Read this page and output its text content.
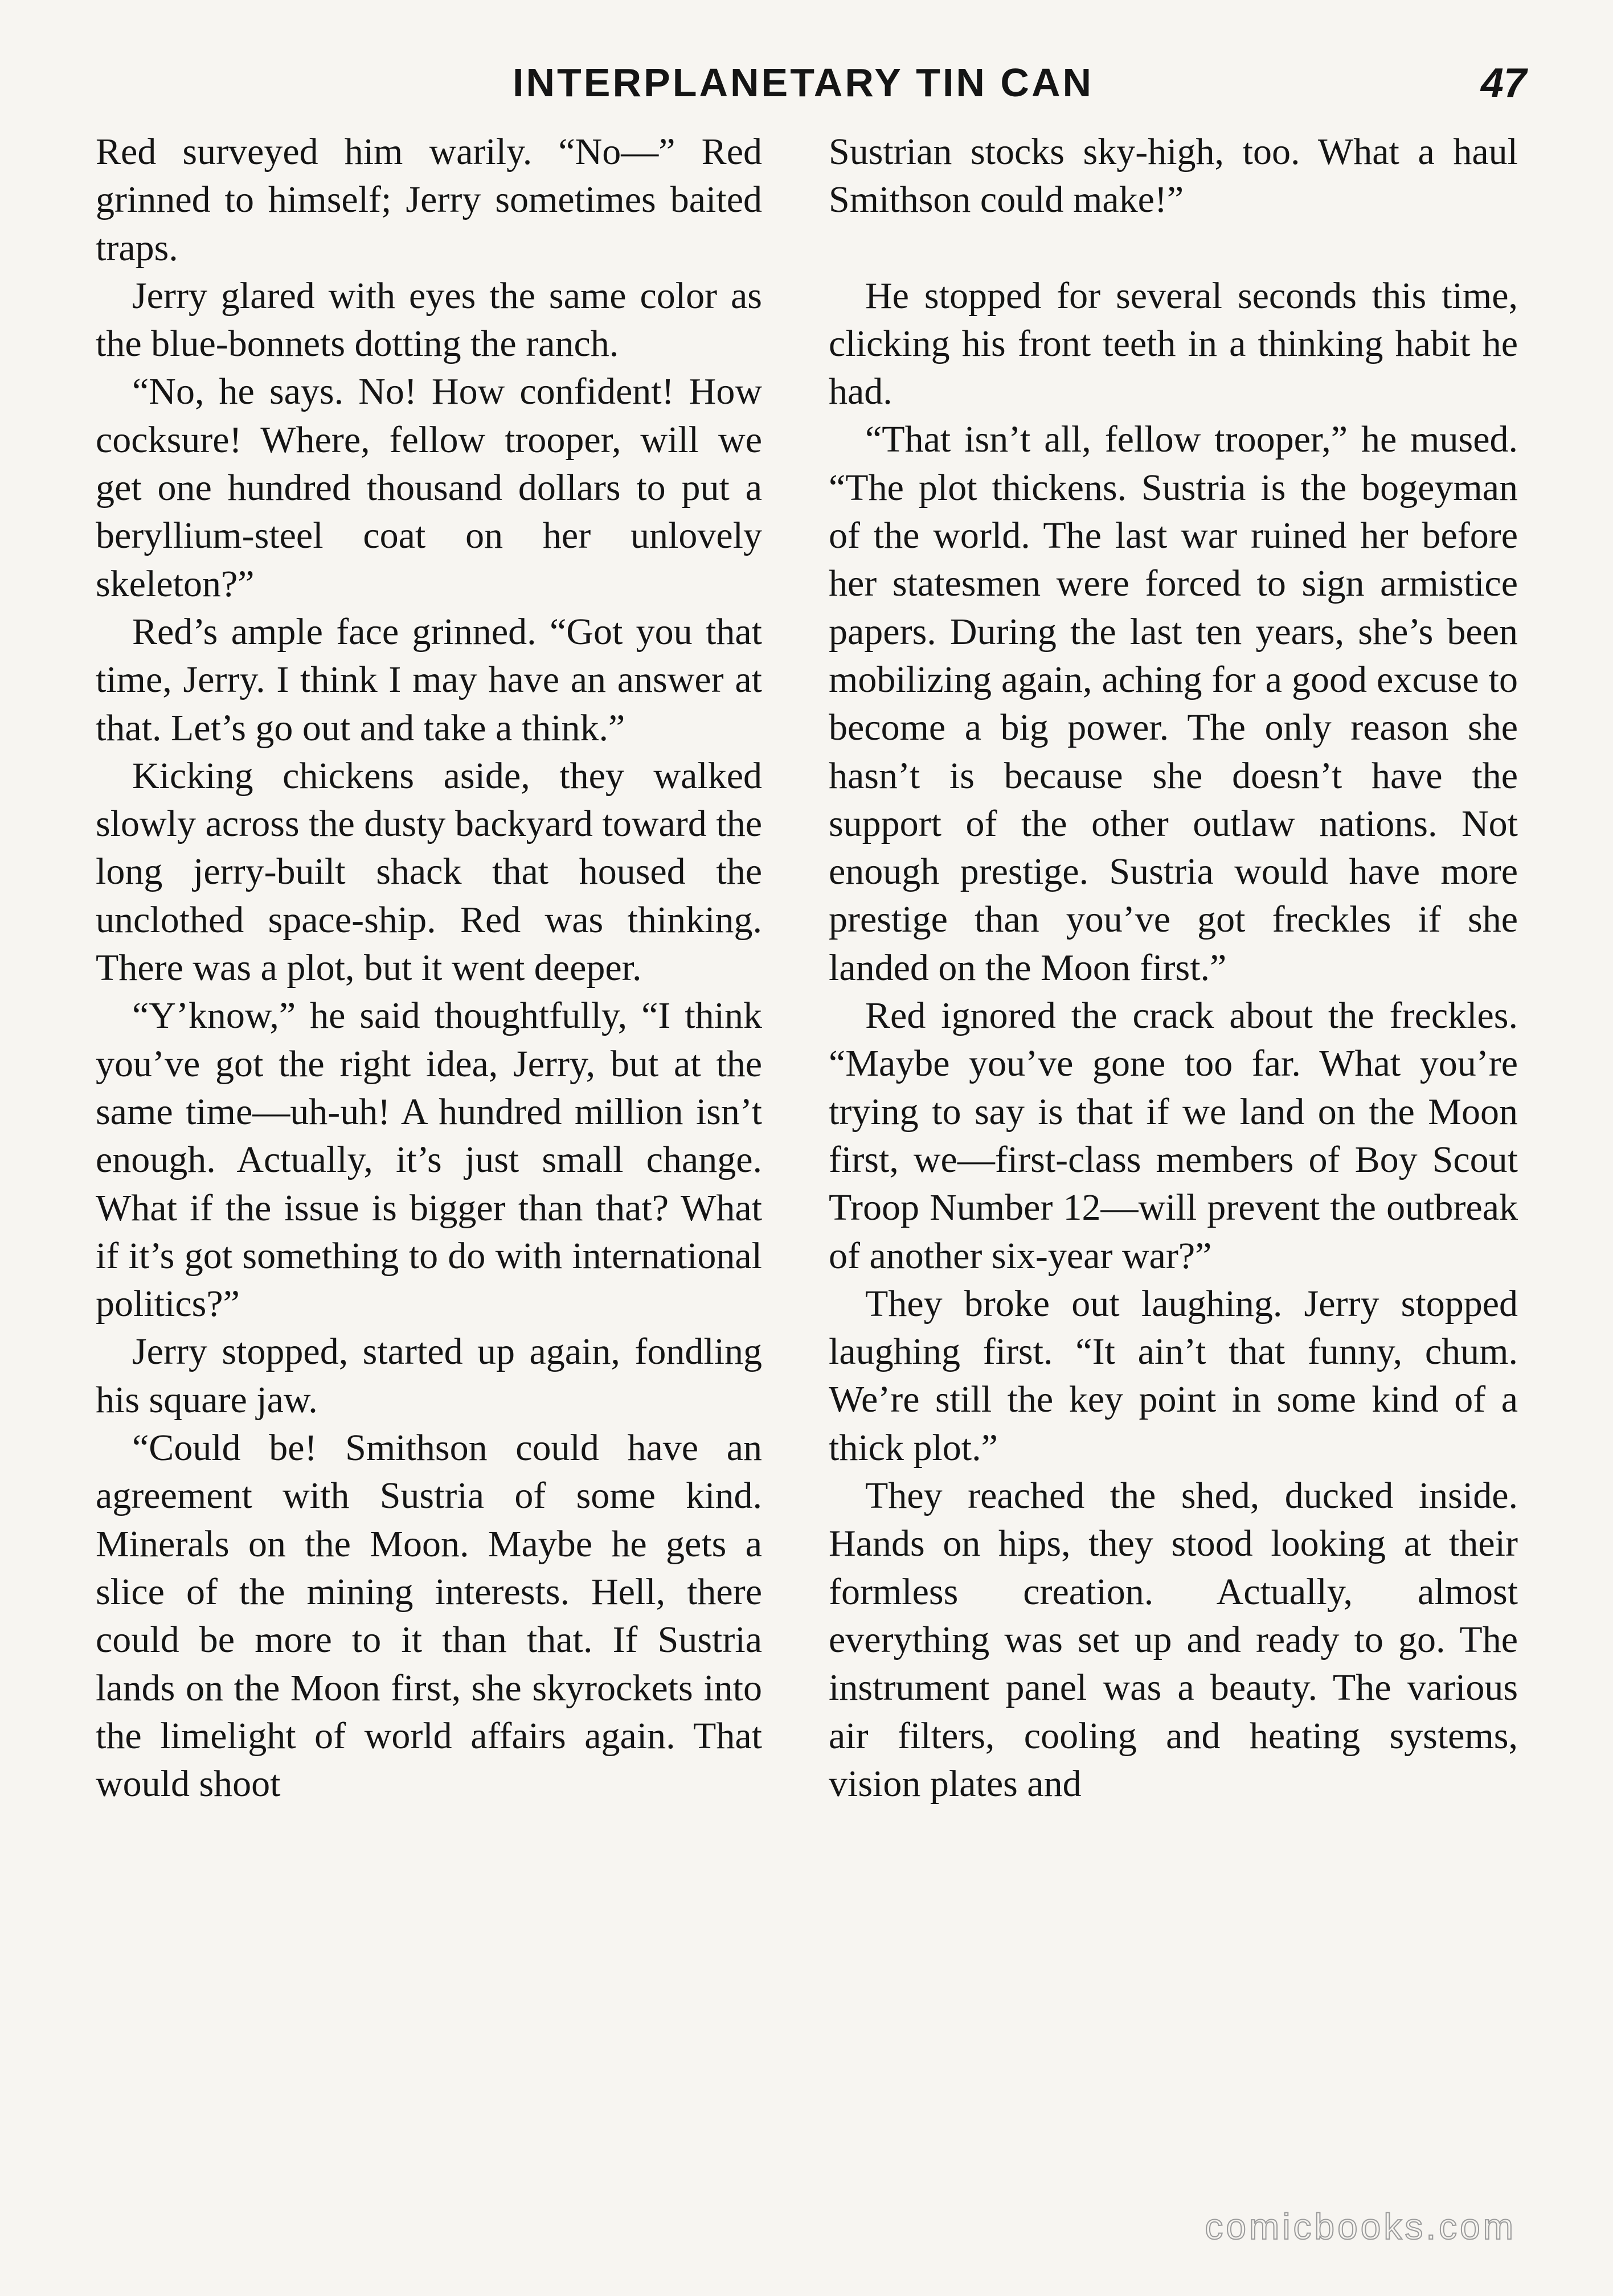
INTERPLANETARY TIN CAN	47

Red surveyed him warily. “No—” Red grinned to himself; Jerry sometimes baited traps.

Jerry glared with eyes the same color as the blue-bonnets dotting the ranch.

“No, he says. No! How confident! How cocksure! Where, fellow trooper, will we get one hundred thousand dollars to put a beryllium-steel coat on her unlovely skeleton?”

Red’s ample face grinned. “Got you that time, Jerry. I think I may have an answer at that. Let’s go out and take a think.”

Kicking chickens aside, they walked slowly across the dusty backyard toward the long jerry-built shack that housed the unclothed space-ship. Red was thinking. There was a plot, but it went deeper.

“Y’know,” he said thoughtfully, “I think you’ve got the right idea, Jerry, but at the same time—uh-uh! A hundred million isn’t enough. Actually, it’s just small change. What if the issue is bigger than that? What if it’s got something to do with international politics?”

Jerry stopped, started up again, fondling his square jaw.

“Could be! Smithson could have an agreement with Sustria of some kind. Minerals on the Moon. Maybe he gets a slice of the mining interests. Hell, there could be more to it than that. If Sustria lands on the Moon first, she skyrockets into the limelight of world affairs again. That would shoot

Sustrian stocks sky-high, too. What a haul Smithson could make!”

He stopped for several seconds this time, clicking his front teeth in a thinking habit he had.

“That isn’t all, fellow trooper,” he mused. “The plot thickens. Sustria is the bogeyman of the world. The last war ruined her before her statesmen were forced to sign armistice papers. During the last ten years, she’s been mobilizing again, aching for a good excuse to become a big power. The only reason she hasn’t is because she doesn’t have the support of the other outlaw nations. Not enough prestige. Sustria would have more prestige than you’ve got freckles if she landed on the Moon first.”

Red ignored the crack about the freckles. “Maybe you’ve gone too far. What you’re trying to say is that if we land on the Moon first, we—first-class members of Boy Scout Troop Number 12—will prevent the outbreak of another six-year war?”

They broke out laughing. Jerry stopped laughing first. “It ain’t that funny, chum. We’re still the key point in some kind of a thick plot.”

They reached the shed, ducked inside. Hands on hips, they stood looking at their formless creation. Actually, almost everything was set up and ready to go. The instrument panel was a beauty. The various air filters, cooling and heating systems, vision plates and

comicbooks.com
